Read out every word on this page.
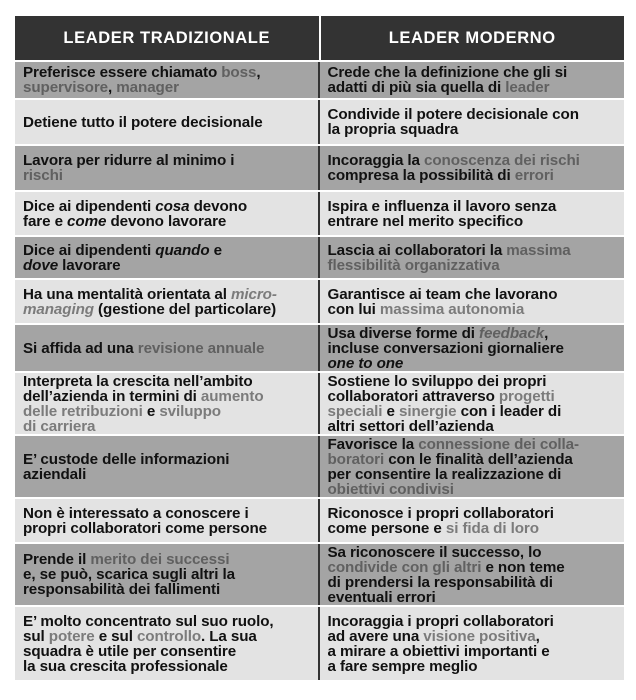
LEADER TRADIZIONALE	LEADER MODERNO
Preferisce essere chiamato boss,
supervisore, manager
Crede che la definizione che gli si
adatti di più sia quella di leader
Detiene tutto il potere decisionale	Condivide il potere decisionale con
la propria squadra
Lavora per ridurre al minimo i
rischi
Incoraggia la conoscenza dei rischi
compresa la possibilità di errori
Dice ai dipendenti cosa devono
fare e come devono lavorare
Ispira e influenza il lavoro senza
entrare nel merito specifico
Dice ai dipendenti quando e
dove lavorare
Lascia ai collaboratori la massima
flessibilità organizzativa
Ha una mentalità orientata al micro-
managing (gestione del particolare)
Garantisce ai team che lavorano
con lui massima autonomia
Si affida ad una revisione annuale
Usa diverse forme di feedback,
incluse conversazioni giornaliere
one to one
Interpreta la crescita nell’ambito
dell’azienda in termini di aumento
delle retribuzioni e sviluppo
di carriera
Sostiene lo sviluppo dei propri
collaboratori attraverso progetti
speciali e sinergie con i leader di
altri settori dell’azienda
E’ custode delle informazioni
aziendali
Favorisce la connessione dei colla-
boratori con le finalità dell’azienda
per consentire la realizzazione di
obiettivi condivisi
Non è interessato a conoscere i
propri collaboratori come persone
Riconosce i propri collaboratori
come persone e si fida di loro
Prende il merito dei successi
e, se può, scarica sugli altri la
responsabilità dei fallimenti
Sa riconoscere il successo, lo
condivide con gli altri e non teme
di prendersi la responsabilità di
eventuali errori
E’ molto concentrato sul suo ruolo,
sul potere e sul controllo. La sua
squadra è utile per consentire
la sua crescita professionale
Incoraggia i propri collaboratori
ad avere una visione positiva,
a mirare a obiettivi importanti e
a fare sempre meglio
